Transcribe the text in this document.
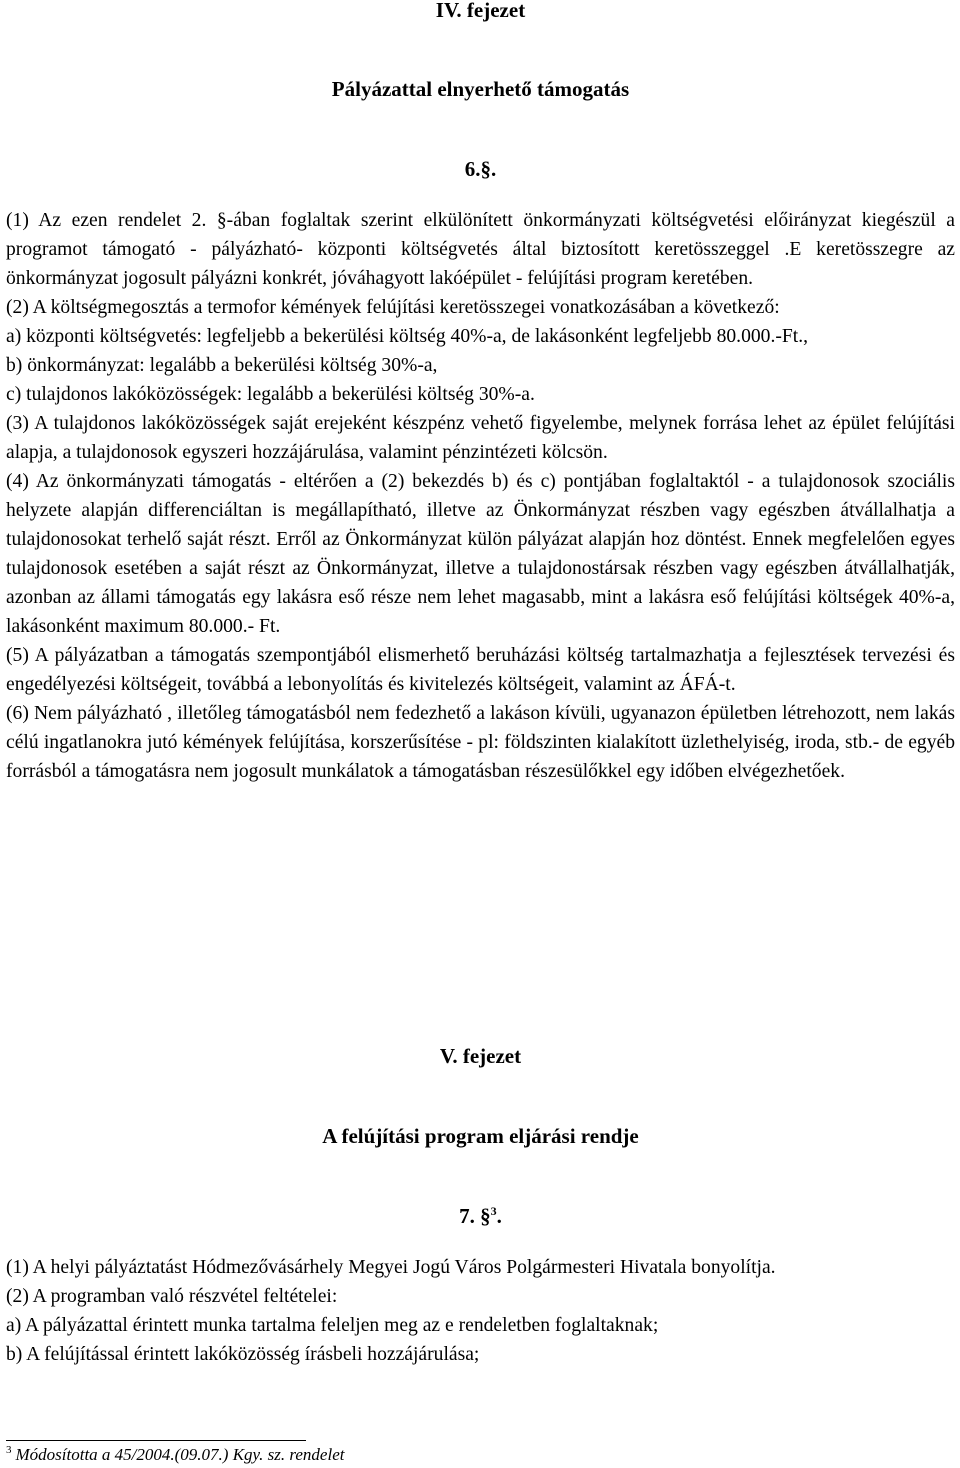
IV. fejezet
Pályázattal elnyerhető támogatás
6.§.

(1) Az ezen rendelet 2. §-ában foglaltak szerint elkülönített önkormányzati költségvetési előirányzat kiegészül a programot támogató - pályázható- központi költségvetés által biztosított keretösszeggel .E keretösszegre az önkormányzat jogosult pályázni konkrét, jóváhagyott lakóépület - felújítási program keretében.

(2) A költségmegosztás a termofor kémények felújítási keretösszegei vonatkozásában a következő:

a) központi költségvetés: legfeljebb a bekerülési költség 40%-a, de lakásonként legfeljebb 80.000.-Ft.,

b) önkormányzat: legalább a bekerülési költség 30%-a,

c) tulajdonos lakóközösségek: legalább a bekerülési költség 30%-a.

(3) A tulajdonos lakóközösségek saját erejeként készpénz vehető figyelembe, melynek forrása lehet az épület felújítási alapja, a tulajdonosok egyszeri hozzájárulása, valamint pénzintézeti kölcsön.

(4) Az önkormányzati támogatás - eltérően a (2) bekezdés b) és c) pontjában foglaltaktól - a tulajdonosok szociális helyzete alapján differenciáltan is megállapítható, illetve az Önkormányzat részben vagy egészben átvállalhatja a tulajdonosokat terhelő saját részt. Erről az Önkormányzat külön pályázat alapján hoz döntést. Ennek megfelelően egyes tulajdonosok esetében a saját részt az Önkormányzat, illetve a tulajdonostársak részben vagy egészben átvállalhatják, azonban az állami támogatás egy lakásra eső része nem lehet magasabb, mint a lakásra eső felújítási költségek 40%-a, lakásonként maximum 80.000.- Ft.

(5) A pályázatban a támogatás szempontjából elismerhető beruházási költség tartalmazhatja a fejlesztések tervezési és engedélyezési költségeit, továbbá a lebonyolítás és kivitelezés költségeit, valamint az ÁFÁ-t.

(6) Nem pályázható , illetőleg támogatásból nem fedezhető a lakáson kívüli, ugyanazon épületben létrehozott, nem lakás célú ingatlanokra jutó kémények felújítása, korszerűsítése - pl: földszinten kialakított üzlethelyiség, iroda, stb.- de egyéb forrásból a támogatásra nem jogosult munkálatok a támogatásban részesülőkkel egy időben elvégezhetőek.

V. fejezet
A felújítási program eljárási rendje
7. §$^3$.

(1) A helyi pályáztatást Hódmezővásárhely Megyei Jogú Város Polgármesteri Hivatala bonyolítja.

(2) A programban való részvétel feltételei:

a) A pályázattal érintett munka tartalma feleljen meg az e rendeletben foglaltaknak;

b) A felújítással érintett lakóközösség írásbeli hozzájárulása;

$^3$ Módosította a 45/2004.(09.07.) Kgy. sz. rendelet
